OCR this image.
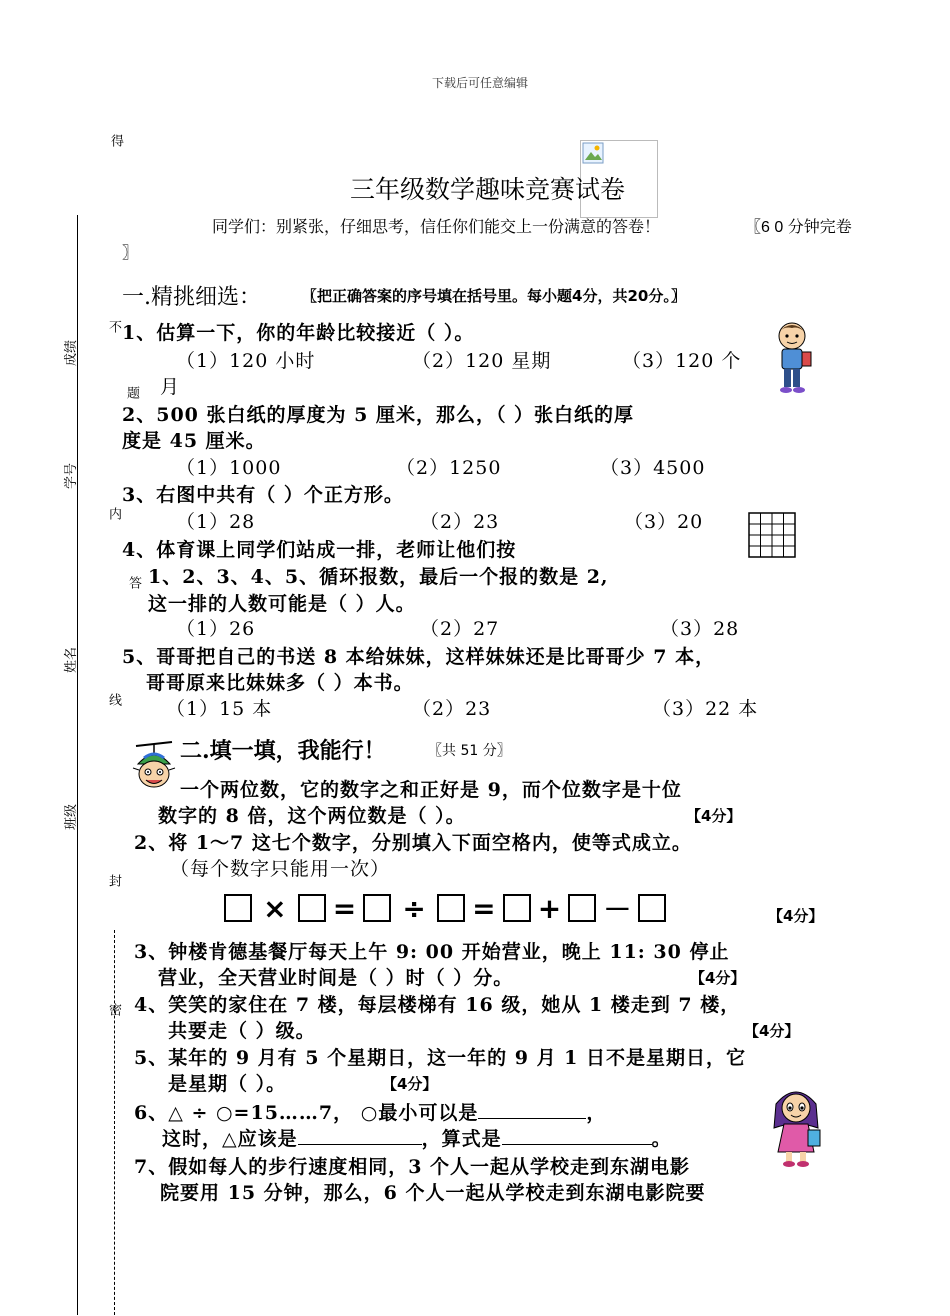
下载后可任意编辑
得
成绩
学号
姓名
班级
不
题
内
答
线
封
密
三年级数学趣味竞赛试卷
同学们：别紧张，仔细思考，信任你们能交上一份满意的答卷！	〖6 0 分钟完卷
〗
一.精挑细选：	〖把正确答案的序号填在括号里。每小题4分，共20分。〗
1、估算一下，你的年龄比较接近（ ）。
（1）120 小时	（2）120 星期	（3）120 个
月
2、500 张白纸的厚度为 5 厘米，那么，（ ）张白纸的厚
度是 45 厘米。
（1）1000	（2）1250	（3）4500
3、右图中共有（ ）个正方形。
（1）28	（2）23	（3）20
4、体育课上同学们站成一排，老师让他们按
1、2、3、4、5、循环报数，最后一个报的数是 2,
这一排的人数可能是（ ）人。
（1）26	（2）27	（3）28
5、哥哥把自己的书送 8 本给妹妹，这样妹妹还是比哥哥少 7 本，
哥哥原来比妹妹多（ ）本书。
（1）15 本	（2）23	（3）22 本
二.填一填，我能行！	〖共 51 分〗
一个两位数，它的数字之和正好是 9，而个位数字是十位
数字的 8 倍，这个两位数是（ ）。	【4分】
2、将 1～7 这七个数字，分别填入下面空格内，使等式成立。
（每个数字只能用一次）
× = ÷ = + －	【4分】
3、钟楼肯德基餐厅每天上午 9: 00 开始营业，晚上 11: 30 停止
营业，全天营业时间是（ ）时（ ）分。	【4分】
4、笑笑的家住在 7 楼，每层楼梯有 16 级，她从 1 楼走到 7 楼，
共要走（ ）级。	【4分】
5、某年的 9 月有 5 个星期日，这一年的 9 月 1 日不是星期日，它
是星期（ ）。	【4分】
6、△ ÷ ○=15……7， ○最小可以是	，
这时，△应该是	，算式是	。
7、假如每人的步行速度相同，3 个人一起从学校走到东湖电影
院要用 15 分钟，那么，6 个人一起从学校走到东湖电影院要
